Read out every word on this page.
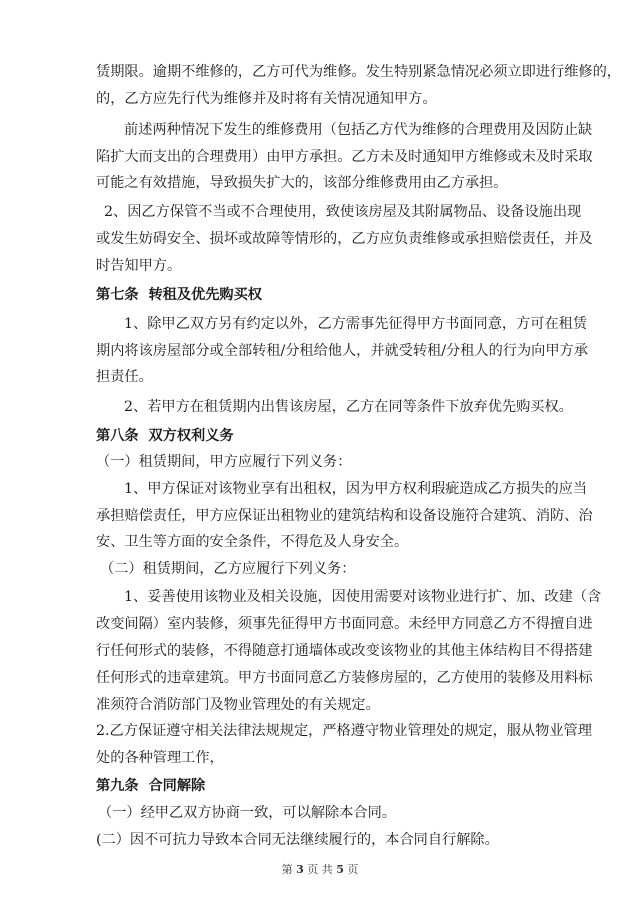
赁期限。逾期不维修的，乙方可代为维修。发生特别紧急情况必须立即进行维修的，
的，乙方应先行代为维修并及时将有关情况通知甲方。
前述两种情况下发生的维修费用（包括乙方代为维修的合理费用及因防止缺
陷扩大而支出的合理费用）由甲方承担。乙方未及时通知甲方维修或未及时采取
可能之有效措施，导致损失扩大的，该部分维修费用由乙方承担。
2、因乙方保管不当或不合理使用，致使该房屋及其附属物品、设备设施出现
或发生妨碍安全、损坏或故障等情形的，乙方应负责维修或承担赔偿责任，并及
时告知甲方。
第七条  转租及优先购买权
1、除甲乙双方另有约定以外，乙方需事先征得甲方书面同意，方可在租赁
期内将该房屋部分或全部转租/分租给他人，并就受转租/分租人的行为向甲方承
担责任。
2、若甲方在租赁期内出售该房屋，乙方在同等条件下放弃优先购买权。
第八条  双方权利义务
（一）租赁期间，甲方应履行下列义务：
1、甲方保证对该物业享有出租权，因为甲方权利瑕疵造成乙方损失的应当
承担赔偿责任，甲方应保证出租物业的建筑结构和设备设施符合建筑、消防、治
安、卫生等方面的安全条件，不得危及人身安全。
（二）租赁期间，乙方应履行下列义务：
1、妥善使用该物业及相关设施，因使用需要对该物业进行扩、加、改建（含
改变间隔）室内装修，须事先征得甲方书面同意。未经甲方同意乙方不得擅自进
行任何形式的装修，不得随意打通墙体或改变该物业的其他主体结构目不得搭建
任何形式的违章建筑。甲方书面同意乙方装修房屋的，乙方使用的装修及用料标
准须符合消防部门及物业管理处的有关规定。
2.乙方保证遵守相关法律法规规定，严格遵守物业管理处的规定，服从物业管理
处的各种管理工作，
第九条  合同解除
（一）经甲乙双方协商一致，可以解除本合同。
(二）因不可抗力导致本合同无法继续履行的，本合同自行解除。
第 3 页 共 5 页
